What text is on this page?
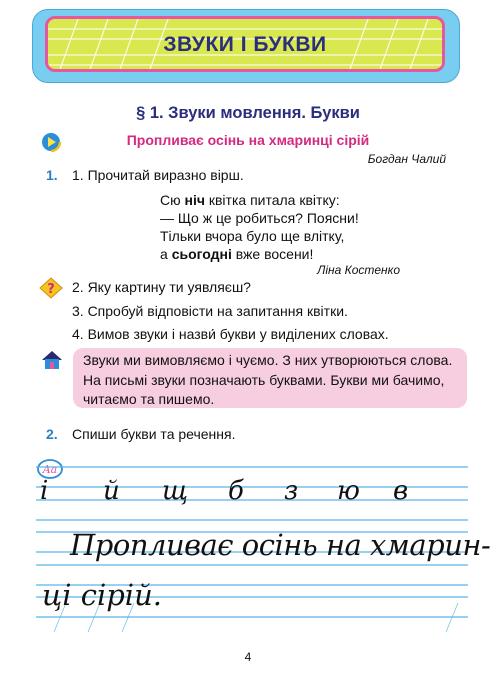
ЗВУКИ І БУКВИ
§ 1. Звуки мовлення. Букви
Пропливає осінь на хмаринці сірій
Богдан Чалий
1. 1. Прочитай виразно вірш.
Сю ніч квітка питала квітку:
— Що ж це робиться? Поясни!
Тільки вчора було ще влітку,
а сьогодні вже восени!
Ліна Костенко
? 2. Яку картину ти уявляєш?
3. Спробуй відповісти на запитання квітки.
4. Вимов звуки і назви́ букви у виділених словах.
Звуки ми вимовляємо і чуємо. З них утворюються слова. На письмі звуки позначають буквами. Букви ми бачимо, читаємо та пишемо.
2. Спиши букви та речення.
Aa
і й щ б з ю в
Пропливає осінь на хмарин-
ці сірій.
4
